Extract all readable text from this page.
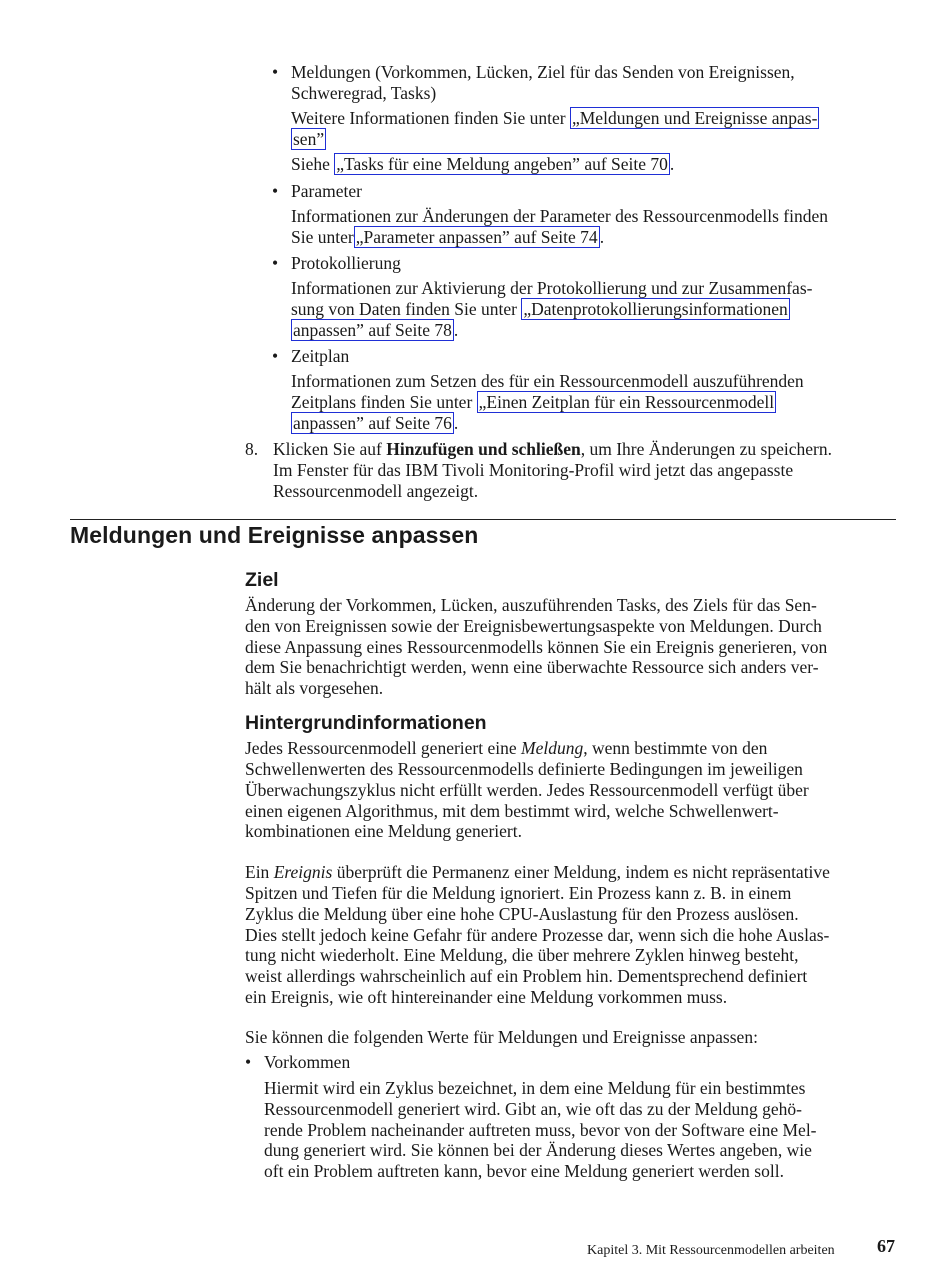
• Meldungen (Vorkommen, Lücken, Ziel für das Senden von Ereignissen,

Schweregrad, Tasks)

Weitere Informationen finden Sie unter „Meldungen und Ereignisse anpas-

sen”

Siehe „Tasks für eine Meldung angeben” auf Seite 70 .

• Parameter

Informationen zur Änderungen der Parameter des Ressourcenmodells finden

Sie unter „Parameter anpassen” auf Seite 74 .

• Protokollierung

Informationen zur Aktivierung der Protokollierung und zur Zusammenfas-

sung von Daten finden Sie unter „Datenprotokollierungsinformationen

anpassen” auf Seite 78 .

• Zeitplan

Informationen zum Setzen des für ein Ressourcenmodell auszuführenden

Zeitplans finden Sie unter „Einen Zeitplan für ein Ressourcenmodell

anpassen” auf Seite 76 .

8. Klicken Sie auf Hinzufügen und schließen, um Ihre Änderungen zu speichern.

Im Fenster für das IBM Tivoli Monitoring-Profil wird jetzt das angepasste

Ressourcenmodell angezeigt.

Meldungen und Ereignisse anpassen
Ziel

Änderung der Vorkommen, Lücken, auszuführenden Tasks, des Ziels für das Sen-

den von Ereignissen sowie der Ereignisbewertungsaspekte von Meldungen. Durch

diese Anpassung eines Ressourcenmodells können Sie ein Ereignis generieren, von

dem Sie benachrichtigt werden, wenn eine überwachte Ressource sich anders ver-

hält als vorgesehen.

Hintergrundinformationen

Jedes Ressourcenmodell generiert eine Meldung, wenn bestimmte von den

Schwellenwerten des Ressourcenmodells definierte Bedingungen im jeweiligen

Überwachungszyklus nicht erfüllt werden. Jedes Ressourcenmodell verfügt über

einen eigenen Algorithmus, mit dem bestimmt wird, welche Schwellenwert-

kombinationen eine Meldung generiert.

Ein Ereignis überprüft die Permanenz einer Meldung, indem es nicht repräsentative

Spitzen und Tiefen für die Meldung ignoriert. Ein Prozess kann z. B. in einem

Zyklus die Meldung über eine hohe CPU-Auslastung für den Prozess auslösen.

Dies stellt jedoch keine Gefahr für andere Prozesse dar, wenn sich die hohe Auslas-

tung nicht wiederholt. Eine Meldung, die über mehrere Zyklen hinweg besteht,

weist allerdings wahrscheinlich auf ein Problem hin. Dementsprechend definiert

ein Ereignis, wie oft hintereinander eine Meldung vorkommen muss.

Sie können die folgenden Werte für Meldungen und Ereignisse anpassen:

• Vorkommen

Hiermit wird ein Zyklus bezeichnet, in dem eine Meldung für ein bestimmtes

Ressourcenmodell generiert wird. Gibt an, wie oft das zu der Meldung gehö-

rende Problem nacheinander auftreten muss, bevor von der Software eine Mel-

dung generiert wird. Sie können bei der Änderung dieses Wertes angeben, wie

oft ein Problem auftreten kann, bevor eine Meldung generiert werden soll.

Kapitel 3. Mit Ressourcenmodellen arbeiten 67
